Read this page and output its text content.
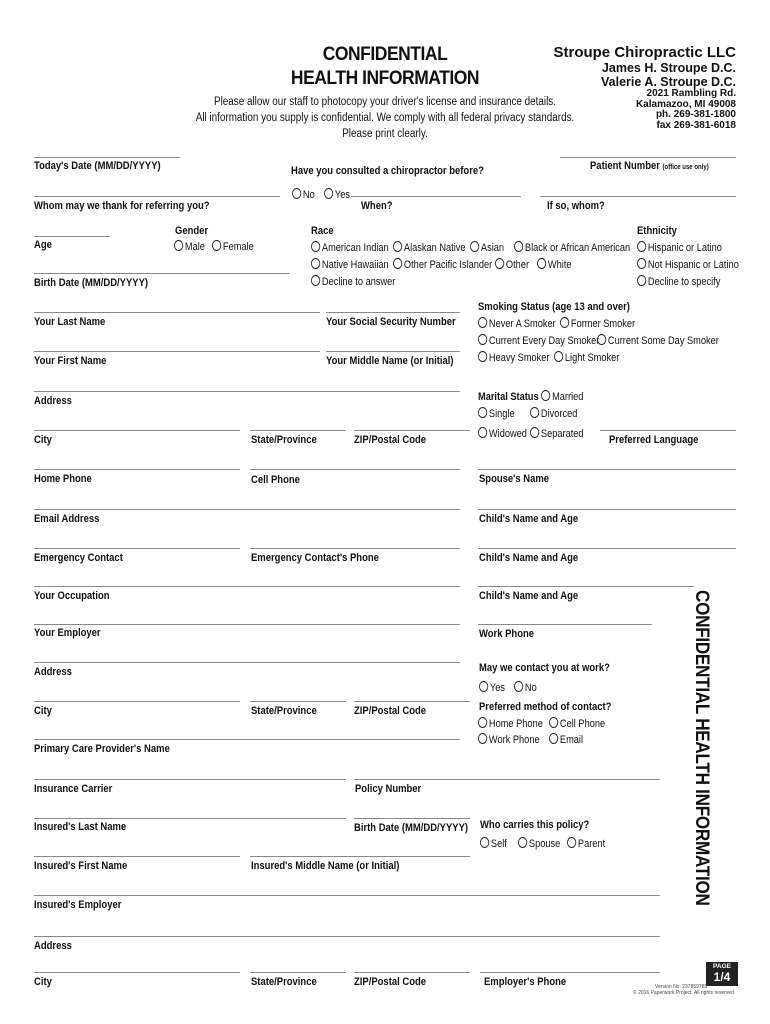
CONFIDENTIAL
HEALTH INFORMATION
Please allow our staff to photocopy your driver's license and insurance details.
All information you supply is confidential. We comply with all federal privacy standards.
Please print clearly.
Stroupe Chiropractic LLC
James H. Stroupe D.C.
Valerie A. Stroupe D.C.
2021 Rambling Rd.
Kalamazoo, MI 49008
ph. 269-381-1800
fax 269-381-6018
Today's Date (MM/DD/YYYY)	Have you consulted a chiropractor before?	Patient Number (office use only)
No	Yes
Whom may we thank for referring you?	When?	If so, whom?
Gender
Male	Female
Age
Race
American Indian	Alaskan Native	Asian	Black or African American
Native Hawaiian	Other Pacific Islander	Other	White
Decline to answer
Ethnicity
Hispanic or Latino
Not Hispanic or Latino
Decline to specify
Birth Date (MM/DD/YYYY)
Your Last Name	Your Social Security Number
Smoking Status (age 13 and over)
Never A Smoker	Former Smoker
Current Every Day Smoker Current Some Day Smoker
Heavy Smoker	Light Smoker
Your First Name	Your Middle Name (or Initial)
Address	Marital Status Married
Single	Divorced
Widowed	Separated
City	State/Province	ZIP/Postal Code	Preferred Language
Home Phone	Cell Phone	Spouse's Name
Email Address	Child's Name and Age
Emergency Contact	Emergency Contact's Phone	Child's Name and Age
Your Occupation	Child's Name and Age
Your Employer	Work Phone
Address	May we contact you at work?
Yes	No
City	State/Province	ZIP/Postal Code	Preferred method of contact?
Home Phone	Cell Phone
Work Phone	Email
Primary Care Provider's Name
Insurance Carrier	Policy Number
Insured's Last Name	Birth Date (MM/DD/YYYY) Who carries this policy?
Self	Spouse	Parent
Insured's First Name	Insured's Middle Name (or Initial)
Insured's Employer
Address
City	State/Province	ZIP/Postal Code	Employer's Phone
CONFIDENTIAL HEALTH INFORMATION
PAGE
1/4
Version No. 237859789
© 2016 Paperwork Project. All rights reserved
